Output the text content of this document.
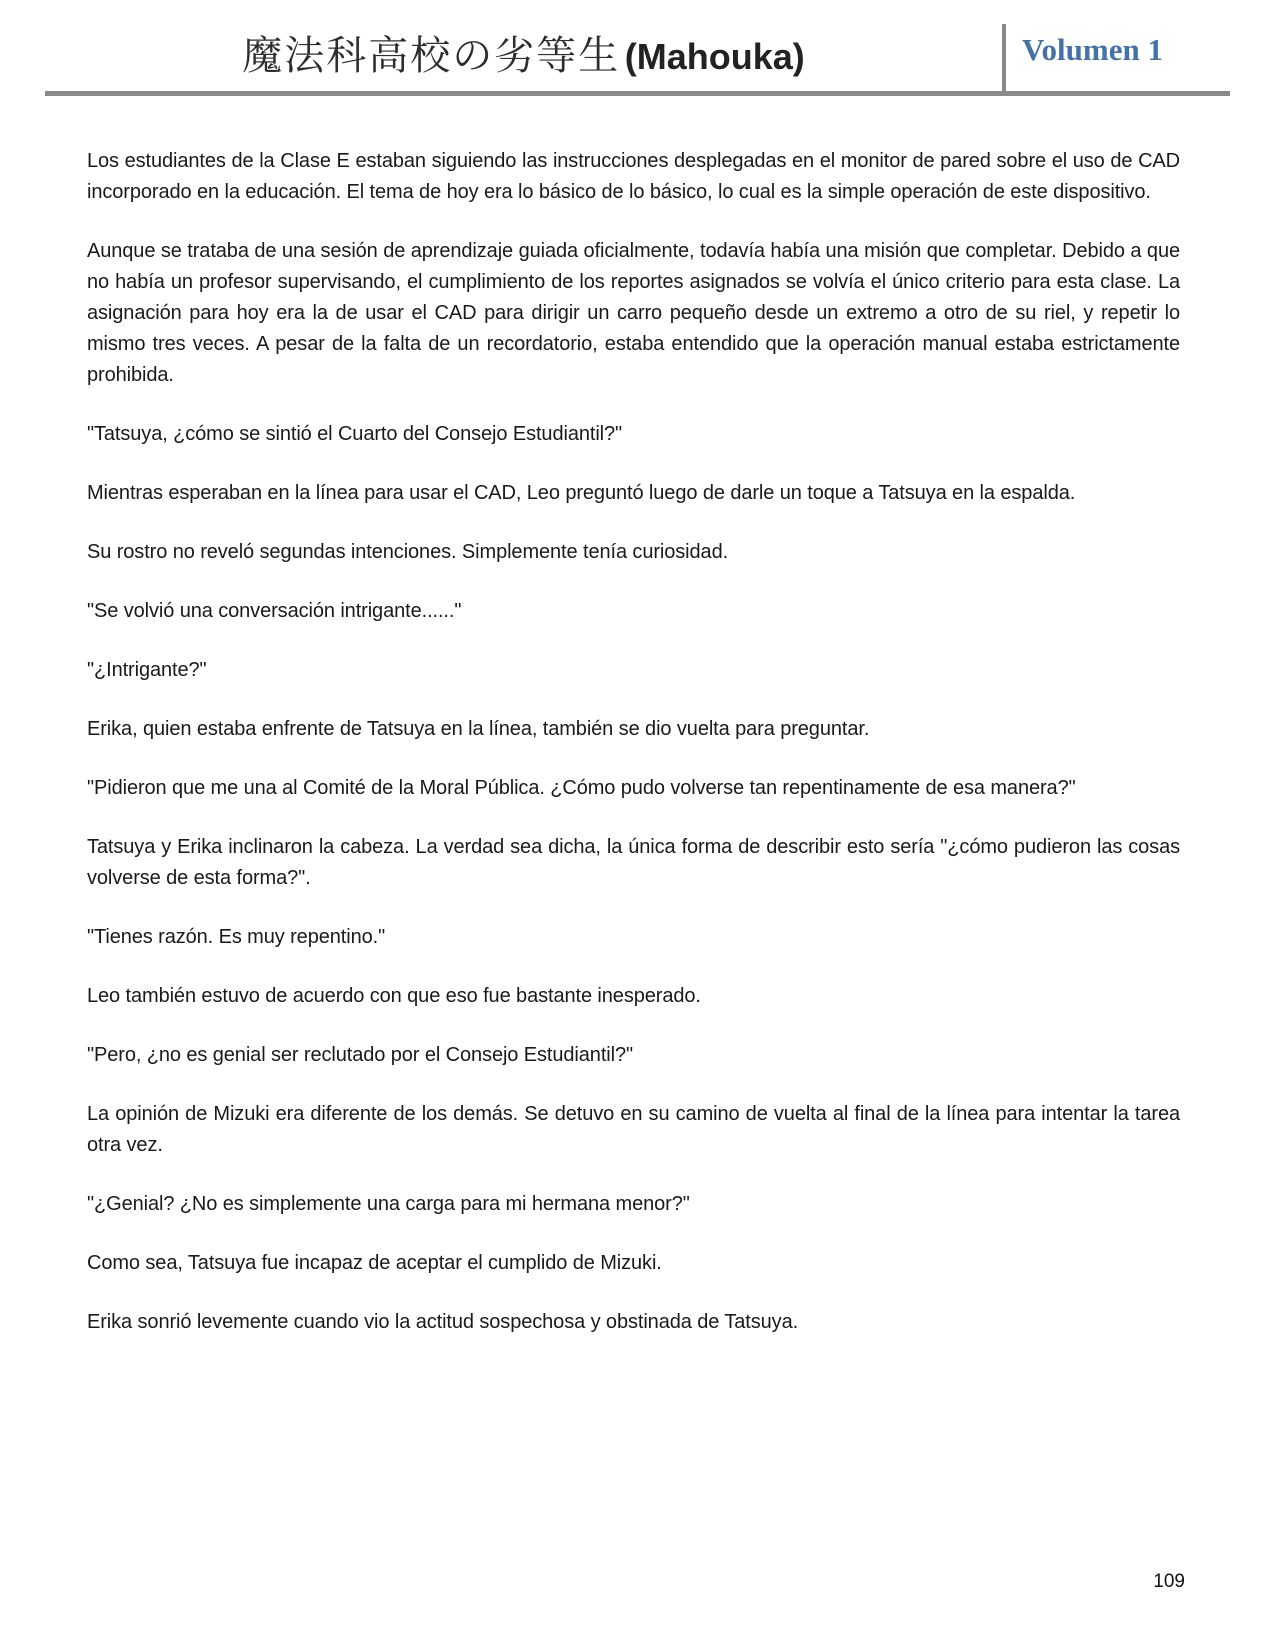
魔法科高校の劣等生 (Mahouka)	Volumen 1

Los estudiantes de la Clase E estaban siguiendo las instrucciones desplegadas en el monitor de pared sobre el uso de CAD incorporado en la educación. El tema de hoy era lo básico de lo básico, lo cual es la simple operación de este dispositivo.

Aunque se trataba de una sesión de aprendizaje guiada oficialmente, todavía había una misión que completar. Debido a que no había un profesor supervisando, el cumplimiento de los reportes asignados se volvía el único criterio para esta clase. La asignación para hoy era la de usar el CAD para dirigir un carro pequeño desde un extremo a otro de su riel, y repetir lo mismo tres veces. A pesar de la falta de un recordatorio, estaba entendido que la operación manual estaba estrictamente prohibida.

"Tatsuya, ¿cómo se sintió el Cuarto del Consejo Estudiantil?"

Mientras esperaban en la línea para usar el CAD, Leo preguntó luego de darle un toque a Tatsuya en la espalda.

Su rostro no reveló segundas intenciones. Simplemente tenía curiosidad.

"Se volvió una conversación intrigante......"

"¿Intrigante?"

Erika, quien estaba enfrente de Tatsuya en la línea, también se dio vuelta para preguntar.

"Pidieron que me una al Comité de la Moral Pública. ¿Cómo pudo volverse tan repentinamente de esa manera?"

Tatsuya y Erika inclinaron la cabeza. La verdad sea dicha, la única forma de describir esto sería "¿cómo pudieron las cosas volverse de esta forma?".

"Tienes razón. Es muy repentino."

Leo también estuvo de acuerdo con que eso fue bastante inesperado.

"Pero, ¿no es genial ser reclutado por el Consejo Estudiantil?"

La opinión de Mizuki era diferente de los demás. Se detuvo en su camino de vuelta al final de la línea para intentar la tarea otra vez.

"¿Genial? ¿No es simplemente una carga para mi hermana menor?"

Como sea, Tatsuya fue incapaz de aceptar el cumplido de Mizuki.

Erika sonrió levemente cuando vio la actitud sospechosa y obstinada de Tatsuya.

109
